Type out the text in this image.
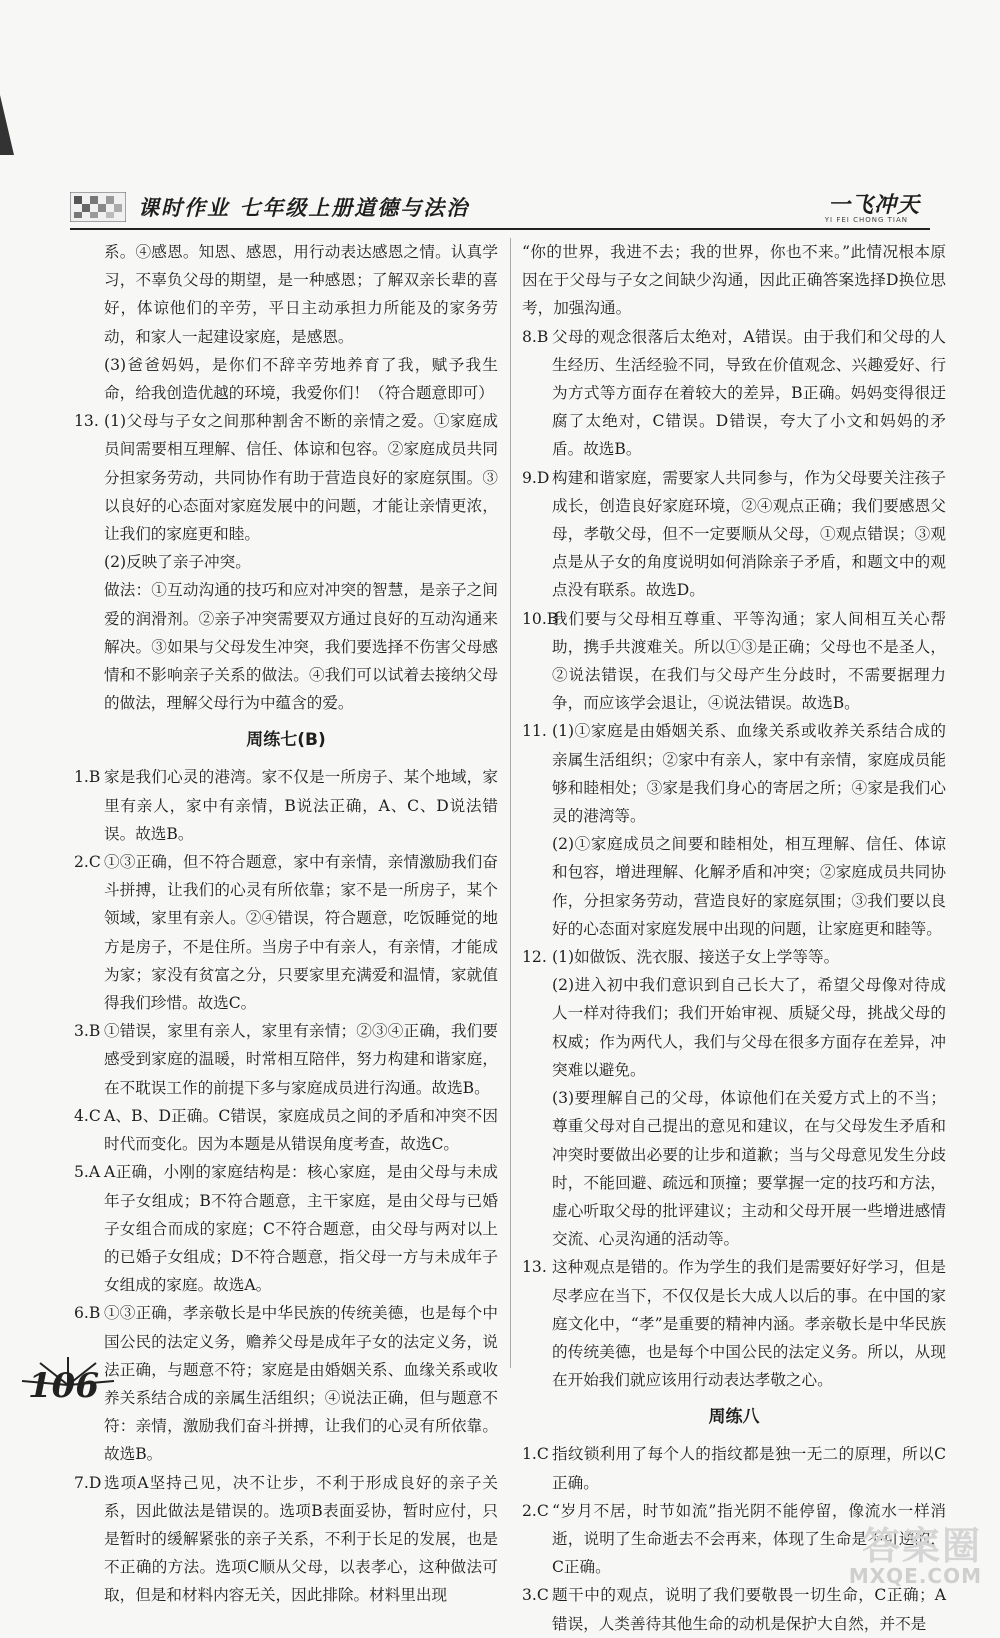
课时作业 七年级上册道德与法治	一飞冲天
YI FEI CHONG TIAN

系。④感恩。知恩、感恩，用行动表达感恩之情。认真学习，不辜负父母的期望，是一种感恩；了解双亲长辈的喜好，体谅他们的辛劳，平日主动承担力所能及的家务劳动，和家人一起建设家庭，是感恩。

(3)爸爸妈妈，是你们不辞辛劳地养育了我，赋予我生命，给我创造优越的环境，我爱你们！（符合题意即可）

13. (1)父母与子女之间那种割舍不断的亲情之爱。①家庭成员间需要相互理解、信任、体谅和包容。②家庭成员共同分担家务劳动，共同协作有助于营造良好的家庭氛围。③以良好的心态面对家庭发展中的问题，才能让亲情更浓，让我们的家庭更和睦。

(2)反映了亲子冲突。

做法：①互动沟通的技巧和应对冲突的智慧，是亲子之间爱的润滑剂。②亲子冲突需要双方通过良好的互动沟通来解决。③如果与父母发生冲突，我们要选择不伤害父母感情和不影响亲子关系的做法。④我们可以试着去接纳父母的做法，理解父母行为中蕴含的爱。

周练七(B)
1.B 家是我们心灵的港湾。家不仅是一所房子、某个地域，家里有亲人，家中有亲情，B说法正确，A、C、D说法错误。故选B。

2.C ①③正确，但不符合题意，家中有亲情，亲情激励我们奋斗拼搏，让我们的心灵有所依靠；家不是一所房子，某个领域，家里有亲人。②④错误，符合题意，吃饭睡觉的地方是房子，不是住所。当房子中有亲人，有亲情，才能成为家；家没有贫富之分，只要家里充满爱和温情，家就值得我们珍惜。故选C。

3.B ①错误，家里有亲人，家里有亲情；②③④正确，我们要感受到家庭的温暖，时常相互陪伴，努力构建和谐家庭，在不耽误工作的前提下多与家庭成员进行沟通。故选B。

4.C A、B、D正确。C错误，家庭成员之间的矛盾和冲突不因时代而变化。因为本题是从错误角度考查，故选C。

5.A A正确，小刚的家庭结构是：核心家庭，是由父母与未成年子女组成；B不符合题意，主干家庭，是由父母与已婚子女组合而成的家庭；C不符合题意，由父母与两对以上的已婚子女组成；D不符合题意，指父母一方与未成年子女组成的家庭。故选A。

6.B ①③正确，孝亲敬长是中华民族的传统美德，也是每个中国公民的法定义务，赡养父母是成年子女的法定义务，说法正确，与题意不符；家庭是由婚姻关系、血缘关系或收养关系结合成的亲属生活组织；④说法正确，但与题意不符：亲情，激励我们奋斗拼搏，让我们的心灵有所依靠。故选B。

7.D 选项A坚持己见，决不让步，不利于形成良好的亲子关系，因此做法是错误的。选项B表面妥协，暂时应付，只是暂时的缓解紧张的亲子关系，不利于长足的发展，也是不正确的方法。选项C顺从父母，以表孝心，这种做法可取，但是和材料内容无关，因此排除。材料里出现

“你的世界，我进不去；我的世界，你也不来。”此情况根本原因在于父母与子女之间缺少沟通，因此正确答案选择D换位思考，加强沟通。

8.B 父母的观念很落后太绝对，A错误。由于我们和父母的人生经历、生活经验不同，导致在价值观念、兴趣爱好、行为方式等方面存在着较大的差异，B正确。妈妈变得很迂腐了太绝对，C错误。D错误，夸大了小文和妈妈的矛盾。故选B。

9.D 构建和谐家庭，需要家人共同参与，作为父母要关注孩子成长，创造良好家庭环境，②④观点正确；我们要感恩父母，孝敬父母，但不一定要顺从父母，①观点错误；③观点是从子女的角度说明如何消除亲子矛盾，和题文中的观点没有联系。故选D。

10.B

我们要与父母相互尊重、平等沟通；家人间相互关心帮助，携手共渡难关。所以①③是正确；父母也不是圣人，②说法错误，在我们与父母产生分歧时，不需要据理力争，而应该学会退让，④说法错误。故选B。

11. (1)①家庭是由婚姻关系、血缘关系或收养关系结合成的亲属生活组织；②家中有亲人，家中有亲情，家庭成员能够和睦相处；③家是我们身心的寄居之所；④家是我们心灵的港湾等。

(2)①家庭成员之间要和睦相处，相互理解、信任、体谅和包容，增进理解、化解矛盾和冲突；②家庭成员共同协作，分担家务劳动，营造良好的家庭氛围；③我们要以良好的心态面对家庭发展中出现的问题，让家庭更和睦等。

12. (1)如做饭、洗衣服、接送子女上学等等。

(2)进入初中我们意识到自己长大了，希望父母像对待成人一样对待我们；我们开始审视、质疑父母，挑战父母的权威；作为两代人，我们与父母在很多方面存在差异，冲突难以避免。

(3)要理解自己的父母，体谅他们在关爱方式上的不当；尊重父母对自己提出的意见和建议，在与父母发生矛盾和冲突时要做出必要的让步和道歉；当与父母意见发生分歧时，不能回避、疏远和顶撞；要掌握一定的技巧和方法，虚心听取父母的批评建议；主动和父母开展一些增进感情交流、心灵沟通的活动等。

13. 这种观点是错的。作为学生的我们是需要好好学习，但是尽孝应在当下，不仅仅是长大成人以后的事。在中国的家庭文化中，“孝”是重要的精神内涵。孝亲敬长是中华民族的传统美德，也是每个中国公民的法定义务。所以，从现在开始我们就应该用行动表达孝敬之心。

周练八
1.C 指纹锁利用了每个人的指纹都是独一无二的原理，所以C正确。

2.C “岁月不居，时节如流”指光阴不能停留，像流水一样消逝，说明了生命逝去不会再来，体现了生命是不可逆的，C正确。

3.C 题干中的观点，说明了我们要敬畏一切生命，C正确；A错误，人类善待其他生命的动机是保护大自然，并不是

106
答案圈
MXQE.COM
